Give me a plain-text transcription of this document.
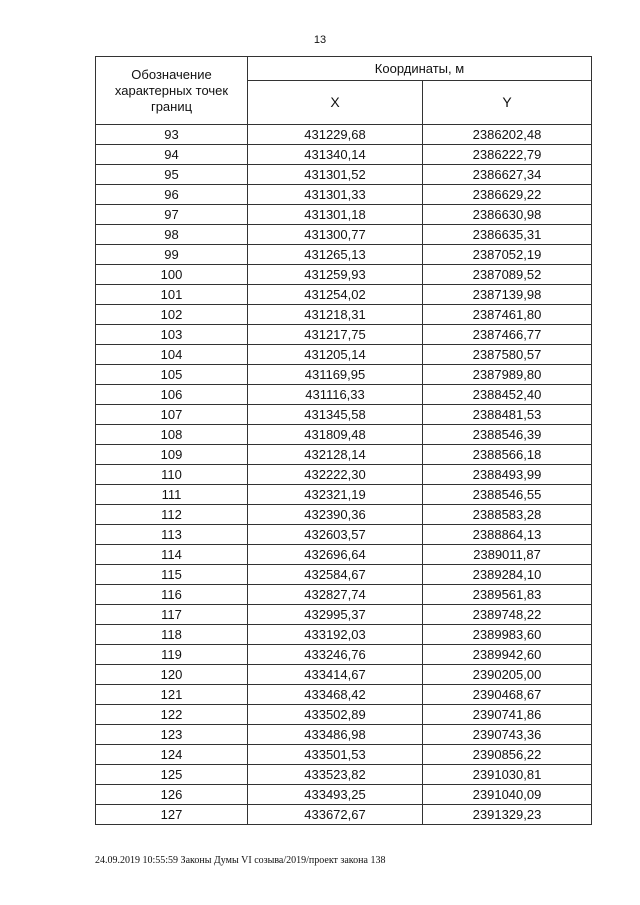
13
Обозначение характерных точек границ	Координаты, м	
	X	Y
93	431229,68	2386202,48
94	431340,14	2386222,79
95	431301,52	2386627,34
96	431301,33	2386629,22
97	431301,18	2386630,98
98	431300,77	2386635,31
99	431265,13	2387052,19
100	431259,93	2387089,52
101	431254,02	2387139,98
102	431218,31	2387461,80
103	431217,75	2387466,77
104	431205,14	2387580,57
105	431169,95	2387989,80
106	431116,33	2388452,40
107	431345,58	2388481,53
108	431809,48	2388546,39
109	432128,14	2388566,18
110	432222,30	2388493,99
111	432321,19	2388546,55
112	432390,36	2388583,28
113	432603,57	2388864,13
114	432696,64	2389011,87
115	432584,67	2389284,10
116	432827,74	2389561,83
117	432995,37	2389748,22
118	433192,03	2389983,60
119	433246,76	2389942,60
120	433414,67	2390205,00
121	433468,42	2390468,67
122	433502,89	2390741,86
123	433486,98	2390743,36
124	433501,53	2390856,22
125	433523,82	2391030,81
126	433493,25	2391040,09
127	433672,67	2391329,23
24.09.2019 10:55:59 Законы Думы VI созыва/2019/проект закона 138
